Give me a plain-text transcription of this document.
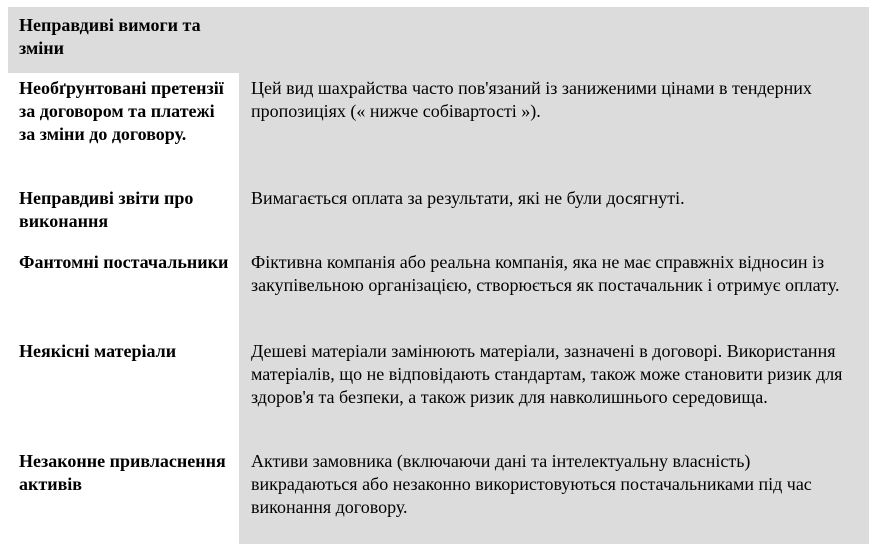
Неправдиві вимоги та зміни
Необґрунтовані претензії за договором та платежі за зміни до договору.
Цей вид шахрайства часто пов'язаний із заниженими цінами в тендерних пропозиціях (« нижче собівартості »).
Неправдиві звіти про виконання
Вимагається оплата за результати, які не були досягнуті.
Фантомні постачальники Фіктивна компанія або реальна компанія, яка не має справжніх відносин із закупівельною організацією, створюється як постачальник і отримує оплату.
Неякісні матеріали	Дешеві матеріали замінюють матеріали, зазначені в договорі. Використання матеріалів, що не відповідають стандартам, також може становити ризик для здоров'я та безпеки, а також ризик для навколишнього середовища.
Незаконне привласнення активів
Активи замовника (включаючи дані та інтелектуальну власність) викрадаються або незаконно використовуються постачальниками під час виконання договору.
